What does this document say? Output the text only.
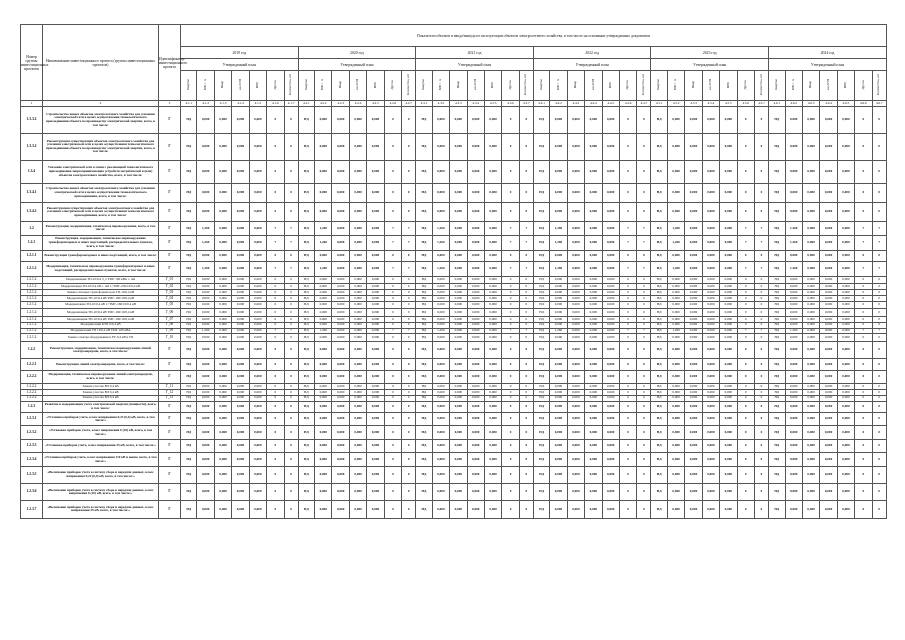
Номер группы инвестиционных проектов	Наименование инвестиционного проекта (группы инвестиционных проектов)	Идентификатор инвестиционного проекта	Показатели объемов и ввода/вывода из эксплуатации объектов электросетевого хозяйства, в том числе на основании утвержденных документов																																									
			2019 год							2020 год							2021 год							2022 год							2023 год							2024 год						
			Утвержденный план							Утвержденный план							Утвержденный план							Утвержденный план							Утвержденный план							Утвержденный план						
			Квартал	МВ×А	Мвар	км ЛЭП	МВт	Другое	Количество, шт	Квартал	МВ×А	Мвар	км ЛЭП	МВт	Другое	Количество, шт	Квартал	МВ×А	Мвар	км ЛЭП	МВт	Другое	Количество, шт	Квартал	МВ×А	Мвар	км ЛЭП	МВт	Другое	Количество, шт	Квартал	МВ×А	Мвар	км ЛЭП	МВт	Другое	Количество, шт	Квартал	МВ×А	Мвар	км ЛЭП	МВт	Другое	Количество, шт
1	2	3	4.1.1	4.1.2	4.1.3	4.1.4	4.1.5	4.1.6	4.1.7	4.2.1	4.2.2	4.2.3	4.2.4	4.2.5	4.2.6	4.2.7	4.3.1	4.3.2	4.3.3	4.3.4	4.3.5	4.3.6	4.3.7	4.4.1	4.4.2	4.4.3	4.4.4	4.4.5	4.4.6	4.4.7	4.5.1	4.5.2	4.5.3	4.5.4	4.5.5	4.5.6	4.5.7	4.6.1	4.6.2	4.6.3	4.6.4	4.6.5	4.6.6	4.6.7
1.3.3.2	Строительство новых объектов электросетевого хозяйства для усиления электрической сети в целях осуществления технологического присоединения объекта по производству электрической энергии, всего, в том числе:	Г	НД	0,000	0,000	0,000	0,000	0	0	НД	0,000	0,000	0,000	0,000	0	0	НД	0,000	0,000	0,000	0,000	0	0	НД	0,000	0,000	0,000	0,000	0	0	НД	0,000	0,000	0,000	0,000	0	0	НД	0,000	0,000	0,000	0,000	0	0
1.3.3.2	Реконструкция существующих объектов электросетевого хозяйства для усиления электрической сети в целях осуществления технологического присоединения объекта по производству электрической энергии, всего, в том числе:	Г	НД	0,000	0,000	0,000	0,000	0	0	НД	0,000	0,000	0,000	0,000	0	0	НД	0,000	0,000	0,000	0,000	0	0	НД	0,000	0,000	0,000	0,000	0	0	НД	0,000	0,000	0,000	0,000	0	0	НД	0,000	0,000	0,000	0,000	0	0
1.3.4	Усиление электрической сети в связи с реализацией технологического присоединения энергопринимающих устройств потребителей и (или) объектов электросетевого хозяйства, всего, в том числе:	Г	НД	0,000	0,000	0,000	0,000	0	0	НД	0,000	0,000	0,000	0,000	0	0	НД	0,000	0,000	0,000	0,000	0	0	НД	0,000	0,000	0,000	0,000	0	0	НД	0,000	0,000	0,000	0,000	0	0	НД	0,000	0,000	0,000	0,000	0	0
1.3.4.1	Строительство новых объектов электросетевого хозяйства для усиления электрической сети в целях осуществления технологического присоединения, всего, в том числе:	Г	НД	0,000	0,000	0,000	0,000	0	0	НД	0,000	0,000	0,000	0,000	0	0	НД	0,000	0,000	0,000	0,000	0	0	НД	0,000	0,000	0,000	0,000	0	0	НД	0,000	0,000	0,000	0,000	0	0	НД	0,000	0,000	0,000	0,000	0	0
1.3.4.2	Реконструкция существующих объектов электросетевого хозяйства для усиления электрической сети в целях осуществления технологического присоединения, всего, в том числе:	Г	НД	0,000	0,000	0,000	0,000	0	0	НД	0,000	0,000	0,000	0,000	0	0	НД	0,000	0,000	0,000	0,000	0	0	НД	0,000	0,000	0,000	0,000	0	0	НД	0,000	0,000	0,000	0,000	0	0	НД	0,000	0,000	0,000	0,000	0	0
1.2	Реконструкция, модернизация, техническое перевооружение, всего, в том числе:	Г	НД	1,260	0,000	0,000	0,000	7	7	НД	1,260	0,000	0,000	0,000	7	7	НД	1,260	0,000	0,000	0,000	7	7	НД	1,260	0,000	0,000	0,000	7	7	НД	1,260	0,000	0,000	0,000	7	7	НД	1,260	0,000	0,000	0,000	7	7
1.2.1	Реконструкция, модернизация, техническое перевооружение трансформаторных и иных подстанций, распределительных пунктов, всего, в том числе:	Г	НД	1,260	0,000	0,000	0,000	7	7	НД	1,260	0,000	0,000	0,000	7	7	НД	1,260	0,000	0,000	0,000	7	7	НД	1,260	0,000	0,000	0,000	7	7	НД	1,260	0,000	0,000	0,000	7	7	НД	1,260	0,000	0,000	0,000	7	7
1.2.1.1	Реконструкция трансформаторных и иных подстанций, всего, в том числе:	Г	НД	0,000	0,000	0,000	0,000	0	0	НД	0,000	0,000	0,000	0,000	0	0	НД	0,000	0,000	0,000	0,000	0	0	НД	0,000	0,000	0,000	0,000	0	0	НД	0,000	0,000	0,000	0,000	0	0	НД	0,000	0,000	0,000	0,000	0	0
1.2.1.2	Модернизация, техническое перевооружение трансформаторных и иных подстанций, распределительных пунктов, всего, в том числе:	Г	НД	1,260	0,000	0,000	0,000	7	7	НД	1,260	0,000	0,000	0,000	7	7	НД	1,260	0,000	0,000	0,000	7	7	НД	1,260	0,000	0,000	0,000	7	7	НД	1,260	0,000	0,000	0,000	7	7	НД	1,260	0,000	0,000	0,000	7	7
1.2.1.2	Модернизация ТП-10/0,4 З_2 ТМГ 100 кВА с. Ай	Г_01	НД	0,000	0,000	0,000	0,000	0	0	НД	0,000	0,000	0,000	0,000	0	0	НД	0,000	0,000	0,000	0,000	0	0	НД	0,000	0,000	0,000	0,000	0	0	НД	0,000	0,000	0,000	0,000	0	0	НД	0,000	0,000	0,000	0,000	0	0
1.2.1.2	Модернизация ТП-10/0,4 кВ с. Ай 1×ТМГ-250/10/0,4 кВ	Г_02	НД	0,000	0,000	0,000	0,000	0	0	НД	0,000	0,000	0,000	0,000	0	0	НД	0,000	0,000	0,000	0,000	0	0	НД	0,000	0,000	0,000	0,000	0	0	НД	0,000	0,000	0,000	0,000	0	0	НД	0,000	0,000	0,000	0,000	0	0
1.2.1.2	Замена силовых трансформаторов ТП-10/0,4 кВ	Г_03	НД	0,000	0,000	0,000	0,000	0	0	НД	0,000	0,000	0,000	0,000	0	0	НД	0,000	0,000	0,000	0,000	0	0	НД	0,000	0,000	0,000	0,000	0	0	НД	0,000	0,000	0,000	0,000	0	0	НД	0,000	0,000	0,000	0,000	0	0
1.2.1.2	Модернизация ТП-10/0,4 кВ ТМГ-160/10/0,4 кВ	Г_04	НД	0,000	0,000	0,000	0,000	0	0	НД	0,000	0,000	0,000	0,000	0	0	НД	0,000	0,000	0,000	0,000	0	0	НД	0,000	0,000	0,000	0,000	0	0	НД	0,000	0,000	0,000	0,000	0	0	НД	0,000	0,000	0,000	0,000	0	0
1.2.1.2	Модернизация ТП-10/0,4 кВ 1×ТМГ-160/10/0,4 кВ	Г_05	НД	0,000	0,000	0,000	0,000	0	0	НД	0,000	0,000	0,000	0,000	0	0	НД	0,000	0,000	0,000	0,000	0	0	НД	0,000	0,000	0,000	0,000	0	0	НД	0,000	0,000	0,000	0,000	0	0	НД	0,000	0,000	0,000	0,000	0	0
1.2.1.2	Модернизация ТП-10/0,4 кВ ТМГ-160/10/0,4 кВ	Г_06	НД	0,000	0,000	0,000	0,000	0	0	НД	0,000	0,000	0,000	0,000	0	0	НД	0,000	0,000	0,000	0,000	0	0	НД	0,000	0,000	0,000	0,000	0	0	НД	0,000	0,000	0,000	0,000	0	0	НД	0,000	0,000	0,000	0,000	0	0
1.2.1.2	Модернизация ТП-10/0,4 кВ ТМГ-100/10/0,4 кВ	Г_07	НД	0,000	0,000	0,000	0,000	0	0	НД	0,000	0,000	0,000	0,000	0	0	НД	0,000	0,000	0,000	0,000	0	0	НД	0,000	0,000	0,000	0,000	0	0	НД	0,000	0,000	0,000	0,000	0	0	НД	0,000	0,000	0,000	0,000	0	0
1.2.1.2	Модернизация КТП 6/0,4 кВ	Г_08	НД	0,000	0,000	0,000	0,000	0	0	НД	0,000	0,000	0,000	0,000	0	0	НД	0,000	0,000	0,000	0,000	0	0	НД	0,000	0,000	0,000	0,000	0	0	НД	0,000	0,000	0,000	0,000	0	0	НД	0,000	0,000	0,000	0,000	0	0
1.2.1.2	Модернизация ТП 10/0,4 кВ ТМГ-100 кВА	Г_09	НД	1,260	0,000	0,000	0,000	7	7	НД	1,260	0,000	0,000	0,000	7	7	НД	1,260	0,000	0,000	0,000	7	7	НД	1,260	0,000	0,000	0,000	7	7	НД	1,260	0,000	0,000	0,000	7	7	НД	1,260	0,000	0,000	0,000	7	7
1.2.1.2	Замена электрооборудования в РУ-0,4 кВ в ТП	Г_10	НД	0,000	0,000	0,000	0,000	0	0	НД	0,000	0,000	0,000	0,000	0	0	НД	0,000	0,000	0,000	0,000	0	0	НД	0,000	0,000	0,000	0,000	0	0	НД	0,000	0,000	0,000	0,000	0	0	НД	0,000	0,000	0,000	0,000	0	0
1.2.2	Реконструкция, модернизация, техническое перевооружение линий электропередачи, всего, в том числе:	Г	НД	0,000	0,000	0,000	0,000	0	0	НД	0,000	0,000	0,000	0,000	0	0	НД	0,000	0,000	0,000	0,000	0	0	НД	0,000	0,000	0,000	0,000	0	0	НД	0,000	0,000	0,000	0,000	0	0	НД	0,000	0,000	0,000	0,000	0	0
1.2.2.1	Реконструкция линий электропередачи, всего, в том числе:	Г	НД	0,000	0,000	0,000	0,000	0	0	НД	0,000	0,000	0,000	0,000	0	0	НД	0,000	0,000	0,000	0,000	0	0	НД	0,000	0,000	0,000	0,000	0	0	НД	0,000	0,000	0,000	0,000	0	0	НД	0,000	0,000	0,000	0,000	0	0
1.2.2.2	Модернизация, техническое перевооружение линий электропередачи, всего, в том числе:	Г	НД	0,000	0,000	0,000	0,000	0	0	НД	0,000	0,000	0,000	0,000	0	0	НД	0,000	0,000	0,000	0,000	0	0	НД	0,000	0,000	0,000	0,000	0	0	НД	0,000	0,000	0,000	0,000	0	0	НД	0,000	0,000	0,000	0,000	0	0
1.2.2.2	Замена участка ВЛ 0,4 кВ	Г_11	НД	0,000	0,000	0,000	0,000	0	0	НД	0,000	0,000	0,000	0,000	0	0	НД	0,000	0,000	0,000	0,000	0	0	НД	0,000	0,000	0,000	0,000	0	0	НД	0,000	0,000	0,000	0,000	0	0	НД	0,000	0,000	0,000	0,000	0	0
1.2.2.2	Замена участка ВЛ 0,4 кВ	Г_12	НД	0,000	0,000	0,000	0,000	0	0	НД	0,000	0,000	0,000	0,000	0	0	НД	0,000	0,000	0,000	0,000	0	0	НД	0,000	0,000	0,000	0,000	0	0	НД	0,000	0,000	0,000	0,000	0	0	НД	0,000	0,000	0,000	0,000	0	0
1.2.2.2	Замена участка ВЛ 0,4 кВ	Г_13	НД	0,000	0,000	0,000	0,000	0	0	НД	0,000	0,000	0,000	0,000	0	0	НД	0,000	0,000	0,000	0,000	0	0	НД	0,000	0,000	0,000	0,000	0	0	НД	0,000	0,000	0,000	0,000	0	0	НД	0,000	0,000	0,000	0,000	0	0
1.2.3	Развитие и модернизация учета электрической энергии (мощности), всего, в том числе:	Г	НД	0,000	0,000	0,000	0,000	0	0	НД	0,000	0,000	0,000	0,000	0	0	НД	0,000	0,000	0,000	0,000	0	0	НД	0,000	0,000	0,000	0,000	0	0	НД	0,000	0,000	0,000	0,000	0	0	НД	0,000	0,000	0,000	0,000	0	0
1.2.3.1	«Установка приборов учета, класс напряжения 0,22 (0,4) кВ, всего, в том числе:»	Г	НД	0,000	0,000	0,000	0,000	0	0	НД	0,000	0,000	0,000	0,000	0	0	НД	0,000	0,000	0,000	0,000	0	0	НД	0,000	0,000	0,000	0,000	0	0	НД	0,000	0,000	0,000	0,000	0	0	НД	0,000	0,000	0,000	0,000	0	0
1.2.3.2	«Установка приборов учета, класс напряжения 6 (10) кВ, всего, в том числе:»	Г	НД	0,000	0,000	0,000	0,000	0	0	НД	0,000	0,000	0,000	0,000	0	0	НД	0,000	0,000	0,000	0,000	0	0	НД	0,000	0,000	0,000	0,000	0	0	НД	0,000	0,000	0,000	0,000	0	0	НД	0,000	0,000	0,000	0,000	0	0
1.2.3.3	«Установка приборов учета, класс напряжения 35 кВ, всего, в том числе:»	Г	НД	0,000	0,000	0,000	0,000	0	0	НД	0,000	0,000	0,000	0,000	0	0	НД	0,000	0,000	0,000	0,000	0	0	НД	0,000	0,000	0,000	0,000	0	0	НД	0,000	0,000	0,000	0,000	0	0	НД	0,000	0,000	0,000	0,000	0	0
1.2.3.4	«Установка приборов учета, класс напряжения 110 кВ и выше, всего, в том числе:»	Г	НД	0,000	0,000	0,000	0,000	0	0	НД	0,000	0,000	0,000	0,000	0	0	НД	0,000	0,000	0,000	0,000	0	0	НД	0,000	0,000	0,000	0,000	0	0	НД	0,000	0,000	0,000	0,000	0	0	НД	0,000	0,000	0,000	0,000	0	0
1.2.3.5	«Включение приборов учета в систему сбора и передачи данных, класс напряжения 0,22 (0,4) кВ, всего, в том числе:»	Г	НД	0,000	0,000	0,000	0,000	0	0	НД	0,000	0,000	0,000	0,000	0	0	НД	0,000	0,000	0,000	0,000	0	0	НД	0,000	0,000	0,000	0,000	0	0	НД	0,000	0,000	0,000	0,000	0	0	НД	0,000	0,000	0,000	0,000	0	0
1.2.3.6	«Включение приборов учета в систему сбора и передачи данных, класс напряжения 6 (10) кВ, всего, в том числе:»	Г	НД	0,000	0,000	0,000	0,000	0	0	НД	0,000	0,000	0,000	0,000	0	0	НД	0,000	0,000	0,000	0,000	0	0	НД	0,000	0,000	0,000	0,000	0	0	НД	0,000	0,000	0,000	0,000	0	0	НД	0,000	0,000	0,000	0,000	0	0
1.2.3.7	«Включение приборов учета в систему сбора и передачи данных, класс напряжения 35 кВ, всего, в том числе:»	Г	НД	0,000	0,000	0,000	0,000	0	0	НД	0,000	0,000	0,000	0,000	0	0	НД	0,000	0,000	0,000	0,000	0	0	НД	0,000	0,000	0,000	0,000	0	0	НД	0,000	0,000	0,000	0,000	0	0	НД	0,000	0,000	0,000	0,000	0	0
